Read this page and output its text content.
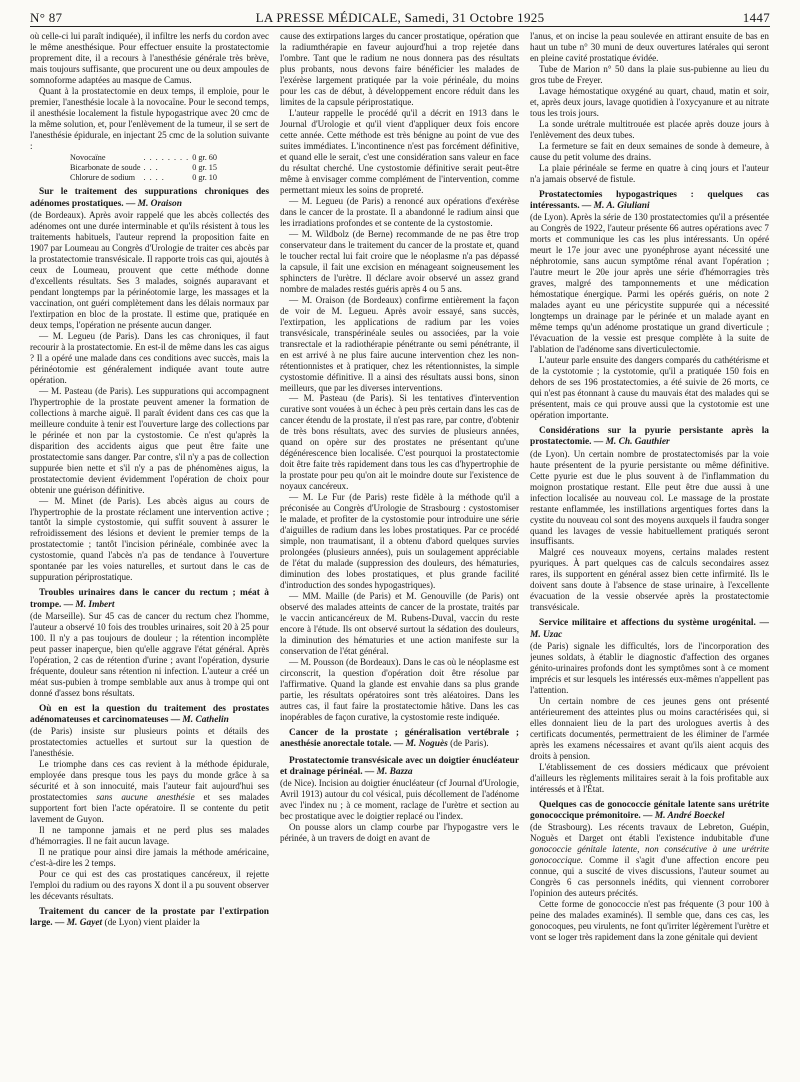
N° 87	LA PRESSE MÉDICALE, Samedi, 31 Octobre 1925	1447

où celle-ci lui paraît indiquée), il infiltre les nerfs du cordon avec le même anesthésique. Pour effectuer ensuite la prostatectomie proprement dite, il a recours à l'anesthésie générale très brève, mais toujours suffisante, que procurent une ou deux ampoules de somnoforme adaptées au masque de Camus.

Quant à la prostatectomie en deux temps, il emploie, pour le premier, l'anesthésie locale à la novocaïne. Pour le second temps, il anesthésie localement la fistule hypogastrique avec 20 cmc de la même solution, et, pour l'enlèvement de la tumeur, il se sert de l'anesthésie épidurale, en injectant 25 cmc de la solution suivante :

Novocaïne	. . . . . . . .	0 gr. 60
Bicarbonate de soude	. . .	0 gr. 15
Chlorure de sodium	. . . .	0 gr. 10
Sur le traitement des suppurations chroniques des adénomes prostatiques. — M. Oraison

(de Bordeaux). Après avoir rappelé que les abcès collectés des adénomes ont une durée interminable et qu'ils résistent à tous les traitements habituels, l'auteur reprend la proposition faite en 1907 par Loumeau au Congrès d'Urologie de traiter ces abcès par la prostatectomie transvésicale. Il rapporte trois cas qui, ajoutés à ceux de Loumeau, prouvent que cette méthode donne d'excellents résultats. Ses 3 malades, soignés auparavant et pendant longtemps par la périnéotomie large, les massages et la vaccination, ont guéri complètement dans les délais normaux par l'extirpation en bloc de la prostate. Il estime que, pratiquée en deux temps, l'opération ne présente aucun danger.

— M. Legueu (de Paris). Dans les cas chroniques, il faut recourir à la prostatectomie. En est-il de même dans les cas aigus ? Il a opéré une malade dans ces conditions avec succès, mais la périnéotomie est généralement indiquée avant toute autre opération.

— M. Pasteau (de Paris). Les suppurations qui accompagnent l'hypertrophie de la prostate peuvent amener la formation de collections à marche aiguë. Il paraît évident dans ces cas que la meilleure conduite à tenir est l'ouverture large des collections par le périnée et non par la cystostomie. Ce n'est qu'après la disparition des accidents aigus que peut être faite une prostatectomie sans danger. Par contre, s'il n'y a pas de collection suppurée bien nette et s'il n'y a pas de phénomènes aigus, la prostatectomie devient évidemment l'opération de choix pour obtenir une guérison définitive.

— M. Minet (de Paris). Les abcès aigus au cours de l'hypertrophie de la prostate réclament une intervention active ; tantôt la simple cystostomie, qui suffit souvent à assurer le refroidissement des lésions et devient le premier temps de la prostatectomie ; tantôt l'incision périnéale, combinée avec la cystostomie, quand l'abcès n'a pas de tendance à l'ouverture spontanée par les voies naturelles, et surtout dans le cas de suppuration périprostatique.

Troubles urinaires dans le cancer du rectum ; méat à trompe. — M. Imbert

(de Marseille). Sur 45 cas de cancer du rectum chez l'homme, l'auteur a observé 10 fois des troubles urinaires, soit 20 à 25 pour 100. Il n'y a pas toujours de douleur ; la rétention incomplète peut passer inaperçue, bien qu'elle aggrave l'état général. Après l'opération, 2 cas de rétention d'urine ; avant l'opération, dysurie fréquente, douleur sans rétention ni infection. L'auteur a créé un méat sus-pubien à trompe semblable aux anus à trompe qui ont donné d'assez bons résultats.

Où en est la question du traitement des prostates adénomateuses et carcinomateuses — M. Cathelin

(de Paris) insiste sur plusieurs points et détails des prostatectomies actuelles et surtout sur la question de l'anesthésie.

Le triomphe dans ces cas revient à la méthode épidurale, employée dans presque tous les pays du monde grâce à sa sécurité et à son innocuité, mais l'auteur fait aujourd'hui ses prostatectomies sans aucune anesthésie et ses malades supportent fort bien l'acte opératoire. Il se contente du petit lavement de Guyon.

Il ne tamponne jamais et ne perd plus ses malades d'hémorragies. Il ne fait aucun lavage.

Il ne pratique pour ainsi dire jamais la méthode américaine, c'est-à-dire les 2 temps.

Pour ce qui est des cas prostatiques cancéreux, il rejette l'emploi du radium ou des rayons X dont il a pu souvent observer les décevants résultats.

Traitement du cancer de la prostate par l'extirpation large. — M. Gayet (de Lyon) vient plaider la

cause des extirpations larges du cancer prostatique, opération que la radiumthérapie en faveur aujourd'hui a trop rejetée dans l'ombre. Tant que le radium ne nous donnera pas des résultats plus probants, nous devons faire bénéficier les malades de l'exérèse largement pratiquée par la voie périnéale, du moins pour les cas de début, à développement encore réduit dans les limites de la capsule périprostatique.

L'auteur rappelle le procédé qu'il a décrit en 1913 dans le Journal d'Urologie et qu'il vient d'appliquer deux fois encore cette année. Cette méthode est très bénigne au point de vue des suites immédiates. L'incontinence n'est pas forcément définitive, et quand elle le serait, c'est une considération sans valeur en face du résultat cherché. Une cystostomie définitive serait peut-être même à envisager comme complément de l'intervention, comme permettant mieux les soins de propreté.

— M. Legueu (de Paris) a renoncé aux opérations d'exérèse dans le cancer de la prostate. Il a abandonné le radium ainsi que les irradiations profondes et se contente de la cystostomie.

— M. Wildbolz (de Berne) recommande de ne pas être trop conservateur dans le traitement du cancer de la prostate et, quand le toucher rectal lui fait croire que le néoplasme n'a pas dépassé la capsule, il fait une excision en ménageant soigneusement les sphincters de l'urètre. Il déclare avoir observé un assez grand nombre de malades restés guéris après 4 ou 5 ans.

— M. Oraison (de Bordeaux) confirme entièrement la façon de voir de M. Legueu. Après avoir essayé, sans succès, l'extirpation, les applications de radium par les voies transvésicale, transpérinéale seules ou associées, par la voie transrectale et la radiothérapie pénétrante ou semi pénétrante, il en est arrivé à ne plus faire aucune intervention chez les non-rétentionnistes et à pratiquer, chez les rétentionnistes, la simple cystostomie définitive. Il a ainsi des résultats aussi bons, sinon meilleurs, que par les diverses interventions.

— M. Pasteau (de Paris). Si les tentatives d'intervention curative sont vouées à un échec à peu près certain dans les cas de cancer étendu de la prostate, il n'est pas rare, par contre, d'obtenir de très bons résultats, avec des survies de plusieurs années, quand on opère sur des prostates ne présentant qu'une dégénérescence bien localisée. C'est pourquoi la prostatectomie doit être faite très rapidement dans tous les cas d'hypertrophie de la prostate pour peu qu'on ait le moindre doute sur l'existence de noyaux cancéreux.

— M. Le Fur (de Paris) reste fidèle à la méthode qu'il a préconisée au Congrès d'Urologie de Strasbourg : cystostomiser le malade, et profiter de la cystostomie pour introduire une série d'aiguilles de radium dans les lobes prostatiques. Par ce procédé simple, non traumatisant, il a obtenu d'abord quelques survies prolongées (plusieurs années), puis un soulagement appréciable de l'état du malade (suppression des douleurs, des hématuries, diminution des lobes prostatiques, et plus grande facilité d'introduction des sondes hypogastriques).

— MM. Maille (de Paris) et M. Genouville (de Paris) ont observé des malades atteints de cancer de la prostate, traités par le vaccin anticancéreux de M. Rubens-Duval, vaccin du reste encore à l'étude. Ils ont observé surtout la sédation des douleurs, la diminution des hématuries et une action manifeste sur la conservation de l'état général.

— M. Pousson (de Bordeaux). Dans le cas où le néoplasme est circonscrit, la question d'opération doit être résolue par l'affirmative. Quand la glande est envahie dans sa plus grande partie, les résultats opératoires sont très aléatoires. Dans les autres cas, il faut faire la prostatectomie hâtive. Dans les cas inopérables de façon curative, la cystostomie reste indiquée.

Cancer de la prostate ; généralisation vertébrale ; anesthésie anorectale totale. — M. Noguès (de Paris).
Prostatectomie transvésicale avec un doigtier énucléateur et drainage périnéal. — M. Bazza

(de Nice). Incision au doigtier énucléateur (cf Journal d'Urologie, Avril 1913) autour du col vésical, puis décollement de l'adénome avec l'index nu ; à ce moment, raclage de l'urètre et section au bec prostatique avec le doigtier replacé ou l'index.

On pousse alors un clamp courbe par l'hypogastre vers le périnée, à un travers de doigt en avant de

l'anus, et on incise la peau soulevée en attirant ensuite de bas en haut un tube n° 30 muni de deux ouvertures latérales qui seront en pleine cavité prostatique évidée.

Tube de Marion n° 50 dans la plaie sus-pubienne au lieu du gros tube de Freyer.

Lavage hémostatique oxygéné au quart, chaud, matin et soir, et, après deux jours, lavage quotidien à l'oxycyanure et au nitrate tous les trois jours.

La sonde urétrale multitrouée est placée après douze jours à l'enlèvement des deux tubes.

La fermeture se fait en deux semaines de sonde à demeure, à cause du petit volume des drains.

La plaie périnéale se ferme en quatre à cinq jours et l'auteur n'a jamais observé de fistule.

Prostatectomies hypogastriques : quelques cas intéressants. — M. A. Giuliani

(de Lyon). Après la série de 130 prostatectomies qu'il a présentée au Congrès de 1922, l'auteur présente 66 autres opérations avec 7 morts et communique les cas les plus intéressants. Un opéré meurt le 17e jour avec une pyonéphrose ayant nécessité une néphrotomie, sans aucun symptôme rénal avant l'opération ; l'autre meurt le 20e jour après une série d'hémorragies très graves, malgré des tamponnements et une médication hémostatique énergique. Parmi les opérés guéris, on note 2 malades ayant eu une péricystite suppurée qui a nécessité longtemps un drainage par le périnée et un malade ayant en même temps qu'un adénome prostatique un grand diverticule ; l'évacuation de la vessie est presque complète à la suite de l'ablation de l'adénome sans diverticulectomie.

L'auteur parle ensuite des dangers comparés du cathétérisme et de la cystotomie ; la cystotomie, qu'il a pratiquée 150 fois en dehors de ses 196 prostatectomies, a été suivie de 26 morts, ce qui n'est pas étonnant à cause du mauvais état des malades qui se présentent, mais ce qui prouve aussi que la cystotomie est une opération importante.

Considérations sur la pyurie persistante après la prostatectomie. — M. Ch. Gauthier

(de Lyon). Un certain nombre de prostatectomisés par la voie haute présentent de la pyurie persistante ou même définitive. Cette pyurie est due le plus souvent à de l'inflammation du moignon prostatique restant. Elle peut être due aussi à une infection localisée au nouveau col. Le massage de la prostate restante enflammée, les instillations argentiques fortes dans la cystite du nouveau col sont des moyens auxquels il faudra songer quand les lavages de vessie habituellement pratiqués seront insuffisants.

Malgré ces nouveaux moyens, certains malades restent pyuriques. À part quelques cas de calculs secondaires assez rares, ils supportent en général assez bien cette infirmité. Ils le doivent sans doute à l'absence de stase urinaire, à l'excellente évacuation de la vessie observée après la prostatectomie transvésicale.

Service militaire et affections du système urogénital. — M. Uzac

(de Paris) signale les difficultés, lors de l'incorporation des jeunes soldats, à établir le diagnostic d'affection des organes génito-urinaires profonds dont les symptômes sont à ce moment imprécis et sur lesquels les intéressés eux-mêmes n'appellent pas l'attention.

Un certain nombre de ces jeunes gens ont présenté antérieurement des atteintes plus ou moins caractérisées qui, si elles donnaient lieu de la part des urologues avertis à des certificats documentés, permettraient de les éliminer de l'armée après les examens nécessaires et avant qu'ils aient acquis des droits à pension.

L'établissement de ces dossiers médicaux que prévoient d'ailleurs les règlements militaires serait à la fois profitable aux intéressés et à l'État.

Quelques cas de gonococcie génitale latente sans urétrite gonococcique prémonitoire. — M. André Boeckel

(de Strasbourg). Les récents travaux de Lebreton, Guépin, Noguès et Darget ont établi l'existence indubitable d'une gonococcie génitale latente, non consécutive à une urétrite gonococcique. Comme il s'agit d'une affection encore peu connue, qui a suscité de vives discussions, l'auteur soumet au Congrès 6 cas personnels inédits, qui viennent corroborer l'opinion des auteurs précités.

Cette forme de gonococcie n'est pas fréquente (3 pour 100 à peine des malades examinés). Il semble que, dans ces cas, les gonocoques, peu virulents, ne font qu'irriter légèrement l'urètre et vont se loger très rapidement dans la zone génitale qui devient
